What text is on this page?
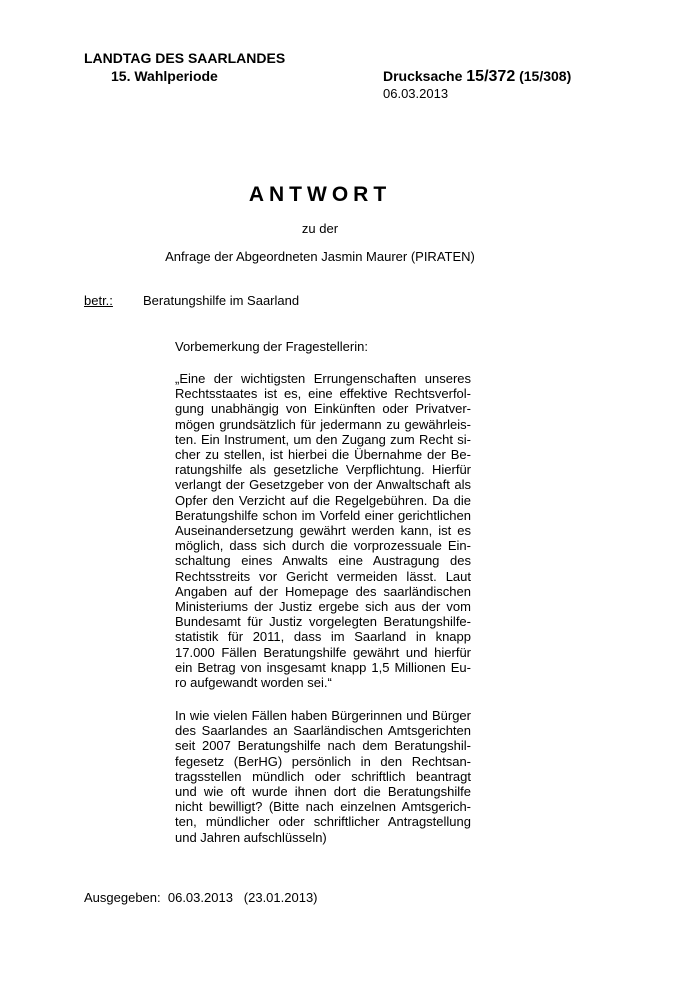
LANDTAG DES SAARLANDES
15. Wahlperiode	Drucksache 15/372 (15/308)
06.03.2013
ANTWORT
zu der
Anfrage der Abgeordneten Jasmin Maurer (PIRATEN)
betr.: Beratungshilfe im Saarland
Vorbemerkung der Fragestellerin:
„Eine der wichtigsten Errungenschaften unseres
Rechtsstaates ist es, eine effektive Rechtsverfol-
gung unabhängig von Einkünften oder Privatver-
mögen grundsätzlich für jedermann zu gewährleis-
ten. Ein Instrument, um den Zugang zum Recht si-
cher zu stellen, ist hierbei die Übernahme der Be-
ratungshilfe als gesetzliche Verpflichtung. Hierfür
verlangt der Gesetzgeber von der Anwaltschaft als
Opfer den Verzicht auf die Regelgebühren. Da die
Beratungshilfe schon im Vorfeld einer gerichtlichen
Auseinandersetzung gewährt werden kann, ist es
möglich, dass sich durch die vorprozessuale Ein-
schaltung eines Anwalts eine Austragung des
Rechtsstreits vor Gericht vermeiden lässt. Laut
Angaben auf der Homepage des saarländischen
Ministeriums der Justiz ergebe sich aus der vom
Bundesamt für Justiz vorgelegten Beratungshilfe-
statistik für 2011, dass im Saarland in knapp
17.000 Fällen Beratungshilfe gewährt und hierfür
ein Betrag von insgesamt knapp 1,5 Millionen Eu-
ro aufgewandt worden sei.“
In wie vielen Fällen haben Bürgerinnen und Bürger
des Saarlandes an Saarländischen Amtsgerichten
seit 2007 Beratungshilfe nach dem Beratungshil-
fegesetz (BerHG) persönlich in den Rechtsan-
tragsstellen mündlich oder schriftlich beantragt
und wie oft wurde ihnen dort die Beratungshilfe
nicht bewilligt? (Bitte nach einzelnen Amtsgerich-
ten, mündlicher oder schriftlicher Antragstellung
und Jahren aufschlüsseln)
Ausgegeben: 06.03.2013 (23.01.2013)
